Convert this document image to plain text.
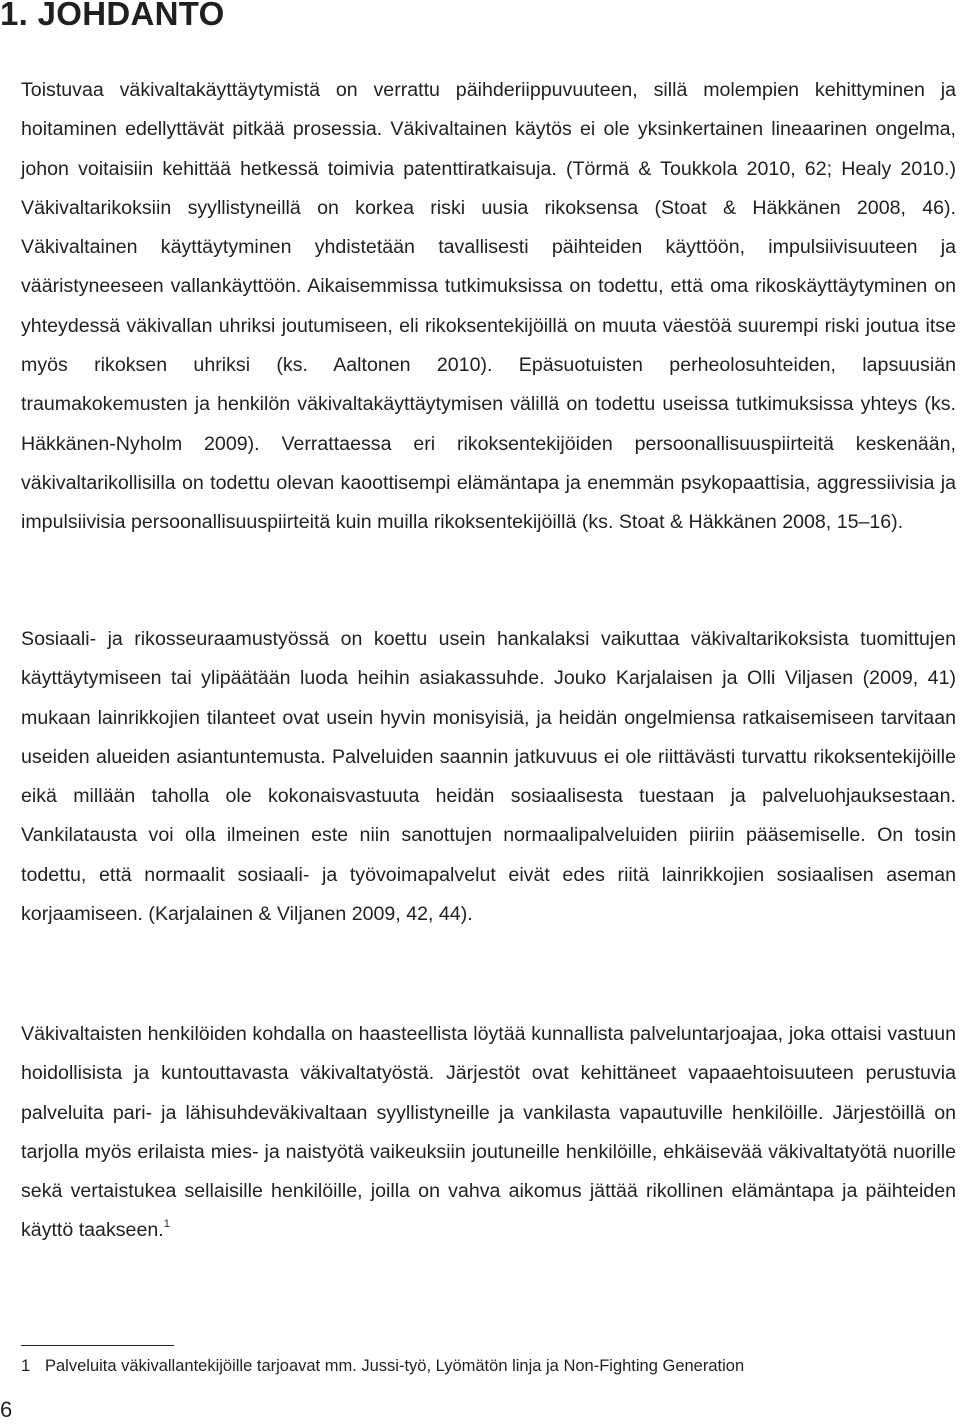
1. JOHDANTO

Toistuvaa väkivaltakäyttäytymistä on verrattu päihderiippuvuuteen, sillä molempien kehittyminen ja hoitaminen edellyttävät pitkää prosessia. Väkivaltainen käytös ei ole yksinkertainen lineaarinen ongelma, johon voitaisiin kehittää hetkessä toimivia patenttiratkaisuja. (Törmä & Toukkola 2010, 62; Healy 2010.) Väkivaltarikoksiin syyllistyneillä on korkea riski uusia rikoksensa (Stoat & Häkkänen 2008, 46). Väkivaltainen käyttäytyminen yhdistetään tavallisesti päihteiden käyttöön, impulsiivisuuteen ja vääristyneeseen vallankäyttöön. Aikaisemmissa tutkimuksissa on todettu, että oma rikoskäyttäytyminen on yhteydessä väkivallan uhriksi joutumiseen, eli rikoksentekijöillä on muuta väestöä suurempi riski joutua itse myös rikoksen uhriksi (ks. Aaltonen 2010). Epäsuotuisten perheolosuhteiden, lapsuusiän traumakokemusten ja henkilön väkivaltakäyttäytymisen välillä on todettu useissa tutkimuksissa yhteys (ks. Häkkänen-Nyholm 2009). Verrattaessa eri rikoksentekijöiden persoonallisuuspiirteitä keskenään, väkivaltarikollisilla on todettu olevan kaoottisempi elämäntapa ja enemmän psykopaattisia, aggressiivisia ja impulsiivisia persoonallisuuspiirteitä kuin muilla rikoksentekijöillä (ks. Stoat & Häkkänen 2008, 15–16).

Sosiaali- ja rikosseuraamustyössä on koettu usein hankalaksi vaikuttaa väkivaltarikoksista tuomittujen käyttäytymiseen tai ylipäätään luoda heihin asiakassuhde. Jouko Karjalaisen ja Olli Viljasen (2009, 41) mukaan lainrikkojien tilanteet ovat usein hyvin monisyisiä, ja heidän ongelmiensa ratkaisemiseen tarvitaan useiden alueiden asiantuntemusta. Palveluiden saannin jatkuvuus ei ole riittävästi turvattu rikoksentekijöille eikä millään taholla ole kokonaisvastuuta heidän sosiaalisesta tuestaan ja palveluohjauksestaan. Vankilatausta voi olla ilmeinen este niin sanottujen normaalipalveluiden piiriin pääsemiselle. On tosin todettu, että normaalit sosiaali- ja työvoimapalvelut eivät edes riitä lainrikkojien sosiaalisen aseman korjaamiseen. (Karjalainen & Viljanen 2009, 42, 44).

Väkivaltaisten henkilöiden kohdalla on haasteellista löytää kunnallista palveluntarjoajaa, joka ottaisi vastuun hoidollisista ja kuntouttavasta väkivaltatyöstä. Järjestöt ovat kehittäneet vapaaehtoisuuteen perustuvia palveluita pari- ja lähisuhdeväkivaltaan syyllistyneille ja vankilasta vapautuville henkilöille. Järjestöillä on tarjolla myös erilaista mies- ja naistyötä vaikeuksiin joutuneille henkilöille, ehkäisevää väkivaltatyötä nuorille sekä vertaistukea sellaisille henkilöille, joilla on vahva aikomus jättää rikollinen elämäntapa ja päihteiden käyttö taakseen.$^1$

1 Palveluita väkivallantekijöille tarjoavat mm. Jussi-työ, Lyömätön linja ja Non-Fighting Generation

6
